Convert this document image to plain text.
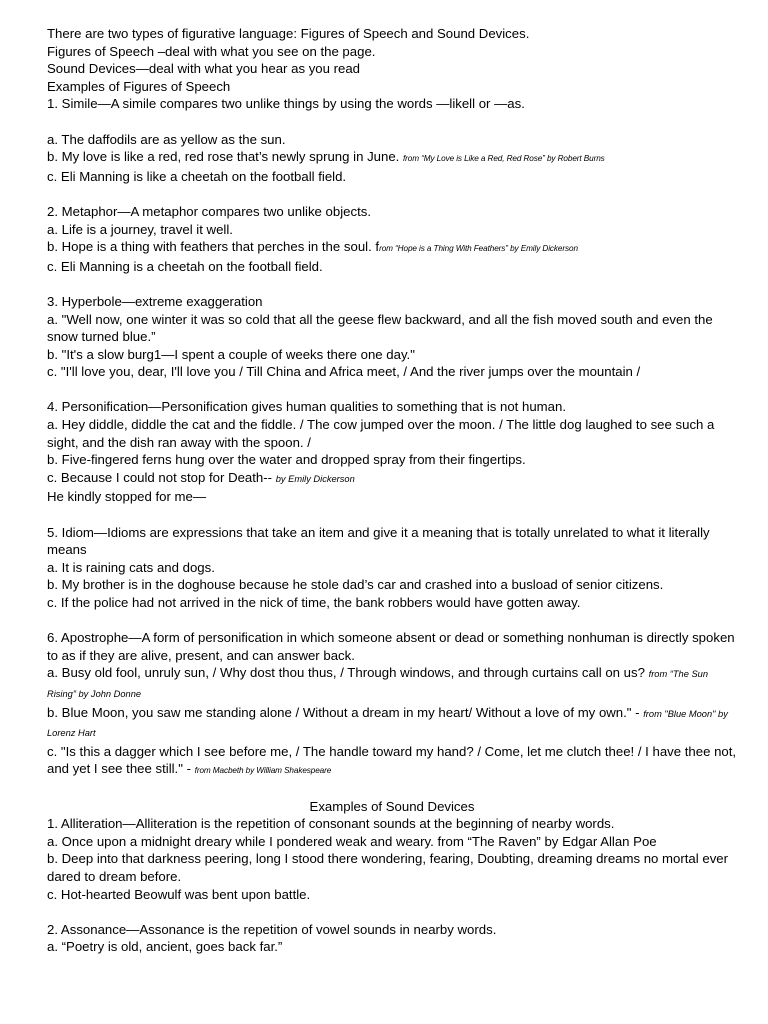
There are two types of figurative language: Figures of Speech and Sound Devices.

Figures of Speech –deal with what you see on the page.

Sound Devices—deal with what you hear as you read

Examples of Figures of Speech

1. Simile—A simile compares two unlike things by using the words —likell or —as.

a. The daffodils are as yellow as the sun.

b. My love is like a red, red rose that’s newly sprung in June. from “My Love is Like a Red, Red Rose” by Robert Burns

c. Eli Manning is like a cheetah on the football field.

2. Metaphor—A metaphor compares two unlike objects.

a. Life is a journey, travel it well.

b. Hope is a thing with feathers that perches in the soul. from “Hope is a Thing With Feathers” by Emily Dickerson

c. Eli Manning is a cheetah on the football field.

3. Hyperbole—extreme exaggeration

a. "Well now, one winter it was so cold that all the geese flew backward, and all the fish moved south and even the snow turned blue.”

b. "It's a slow burg1—I spent a couple of weeks there one day."

c. "I'll love you, dear, I'll love you / Till China and Africa meet, / And the river jumps over the mountain /

4. Personification—Personification gives human qualities to something that is not human.

a. Hey diddle, diddle the cat and the fiddle. / The cow jumped over the moon. / The little dog laughed to see such a sight, and the dish ran away with the spoon. /

b. Five-fingered ferns hung over the water and dropped spray from their fingertips.

c. Because I could not stop for Death-- by Emily Dickerson

He kindly stopped for me—

5. Idiom—Idioms are expressions that take an item and give it a meaning that is totally unrelated to what it literally means

a. It is raining cats and dogs.

b. My brother is in the doghouse because he stole dad’s car and crashed into a busload of senior citizens.

c. If the police had not arrived in the nick of time, the bank robbers would have gotten away.

6. Apostrophe—A form of personification in which someone absent or dead or something nonhuman is directly spoken to as if they are alive, present, and can answer back.

a. Busy old fool, unruly sun, / Why dost thou thus, / Through windows, and through curtains call on us? from “The Sun Rising” by John Donne

b. Blue Moon, you saw me standing alone / Without a dream in my heart/ Without a love of my own." - from "Blue Moon" by Lorenz Hart

c. "Is this a dagger which I see before me, / The handle toward my hand? / Come, let me clutch thee! / I have thee not, and yet I see thee still." - from Macbeth by William Shakespeare

Examples of Sound Devices

1. Alliteration—Alliteration is the repetition of consonant sounds at the beginning of nearby words.

a. Once upon a midnight dreary while I pondered weak and weary. from “The Raven” by Edgar Allan Poe

b. Deep into that darkness peering, long I stood there wondering, fearing, Doubting, dreaming dreams no mortal ever dared to dream before.

c. Hot-hearted Beowulf was bent upon battle.

2. Assonance—Assonance is the repetition of vowel sounds in nearby words.

a. “Poetry is old, ancient, goes back far.”
